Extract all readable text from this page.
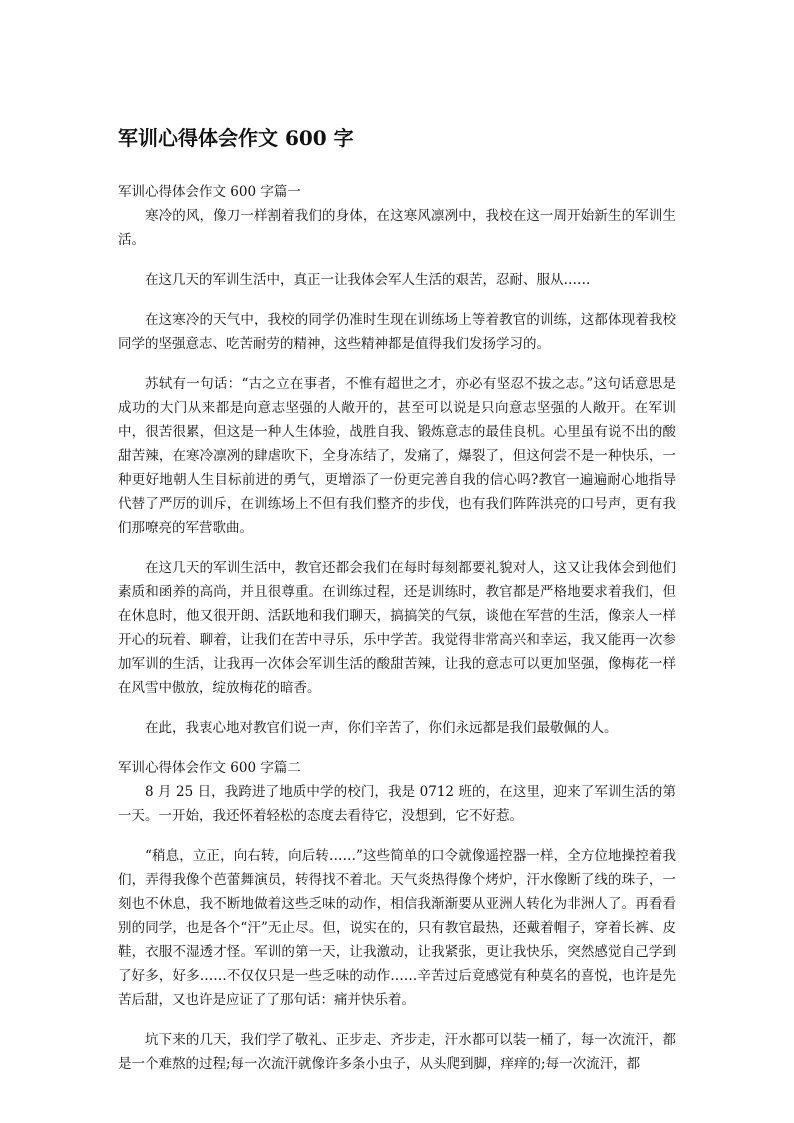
军训心得体会作文 600 字

军训心得体会作文 600 字篇一

寒冷的风，像刀一样割着我们的身体，在这寒风凛冽中，我校在这一周开始新生的军训生活。

在这几天的军训生活中，真正一让我体会军人生活的艰苦，忍耐、服从……

在这寒冷的天气中，我校的同学仍准时生现在训练场上等着教官的训练，这都体现着我校同学的坚强意志、吃苦耐劳的精神，这些精神都是值得我们发扬学习的。

苏轼有一句话：“古之立在事者，不惟有超世之才，亦必有坚忍不拔之志。”这句话意思是成功的大门从来都是向意志坚强的人敞开的，甚至可以说是只向意志坚强的人敞开。在军训中，很苦很累，但这是一种人生体验，战胜自我、锻炼意志的最佳良机。心里虽有说不出的酸甜苦辣，在寒冷凛冽的肆虐吹下，全身冻结了，发痛了，爆裂了，但这何尝不是一种快乐，一种更好地朝人生目标前进的勇气，更增添了一份更完善自我的信心吗?教官一遍遍耐心地指导代替了严厉的训斥，在训练场上不但有我们整齐的步伐，也有我们阵阵洪亮的口号声，更有我们那嘹亮的军营歌曲。

在这几天的军训生活中，教官还都会我们在每时每刻都要礼貌对人，这又让我体会到他们素质和函养的高尚，并且很尊重。在训练过程，还是训练时，教官都是严格地要求着我们，但在休息时，他又很开朗、活跃地和我们聊天，搞搞笑的气氛，谈他在军营的生活，像亲人一样开心的玩着、聊着，让我们在苦中寻乐，乐中学苦。我觉得非常高兴和幸运，我又能再一次参加军训的生活，让我再一次体会军训生活的酸甜苦辣，让我的意志可以更加坚强，像梅花一样在风雪中傲放，绽放梅花的暗香。

在此，我衷心地对教官们说一声，你们辛苦了，你们永远都是我们最敬佩的人。

军训心得体会作文 600 字篇二

8 月 25 日，我跨进了地质中学的校门，我是 0712 班的，在这里，迎来了军训生活的第一天。一开始，我还怀着轻松的态度去看待它，没想到，它不好惹。

“稍息，立正，向右转，向后转……”这些简单的口令就像遥控器一样，全方位地操控着我们，弄得我像个芭蕾舞演员，转得找不着北。天气炎热得像个烤炉，汗水像断了线的珠子，一刻也不休息，我不断地做着这些乏味的动作，相信我渐渐要从亚洲人转化为非洲人了。再看看别的同学，也是各个“汗”无止尽。但，说实在的，只有教官最热，还戴着帽子，穿着长裤、皮鞋，衣服不湿透才怪。军训的第一天，让我激动，让我紧张，更让我快乐，突然感觉自己学到了好多，好多……不仅仅只是一些乏味的动作……辛苦过后竟感觉有种莫名的喜悦，也许是先苦后甜，又也许是应证了了那句话：痛并快乐着。

坑下来的几天，我们学了敬礼、正步走、齐步走，汗水都可以装一桶了，每一次流汗，都是一个难熬的过程;每一次流汗就像许多条小虫子，从头爬到脚，痒痒的;每一次流汗，都
